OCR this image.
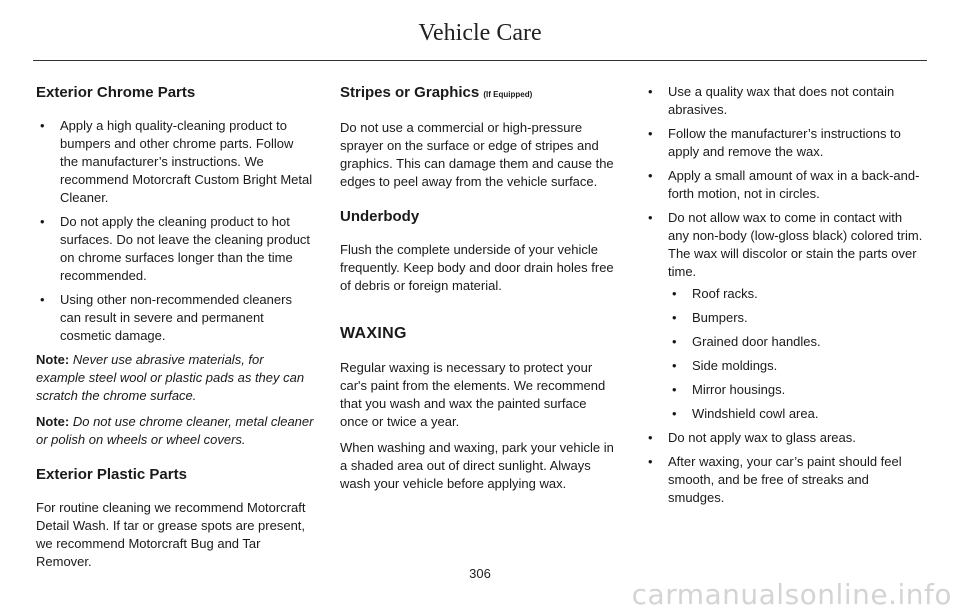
Vehicle Care
Exterior Chrome Parts
• Apply a high quality-cleaning product to bumpers and other chrome parts. Follow the manufacturer’s instructions. We recommend Motorcraft Custom Bright Metal Cleaner.
• Do not apply the cleaning product to hot surfaces. Do not leave the cleaning product on chrome surfaces longer than the time recommended.
• Using other non-recommended cleaners can result in severe and permanent cosmetic damage.

Note: Never use abrasive materials, for example steel wool or plastic pads as they can scratch the chrome surface.

Note: Do not use chrome cleaner, metal cleaner or polish on wheels or wheel covers.

Exterior Plastic Parts

For routine cleaning we recommend Motorcraft Detail Wash. If tar or grease spots are present, we recommend Motorcraft Bug and Tar Remover.

Stripes or Graphics (If Equipped)

Do not use a commercial or high-pressure sprayer on the surface or edge of stripes and graphics. This can damage them and cause the edges to peel away from the vehicle surface.

Underbody

Flush the complete underside of your vehicle frequently. Keep body and door drain holes free of debris or foreign material.

WAXING

Regular waxing is necessary to protect your car's paint from the elements. We recommend that you wash and wax the painted surface once or twice a year.

When washing and waxing, park your vehicle in a shaded area out of direct sunlight. Always wash your vehicle before applying wax.

• Use a quality wax that does not contain abrasives.
• Follow the manufacturer’s instructions to apply and remove the wax.
• Apply a small amount of wax in a back-and-forth motion, not in circles.
• Do not allow wax to come in contact with any non-body (low-gloss black) colored trim. The wax will discolor or stain the parts over time.
• Roof racks.
• Bumpers.
• Grained door handles.
• Side moldings.
• Mirror housings.
• Windshield cowl area.
• Do not apply wax to glass areas.
• After waxing, your car’s paint should feel smooth, and be free of streaks and smudges.
306
carmanualsonline.info
